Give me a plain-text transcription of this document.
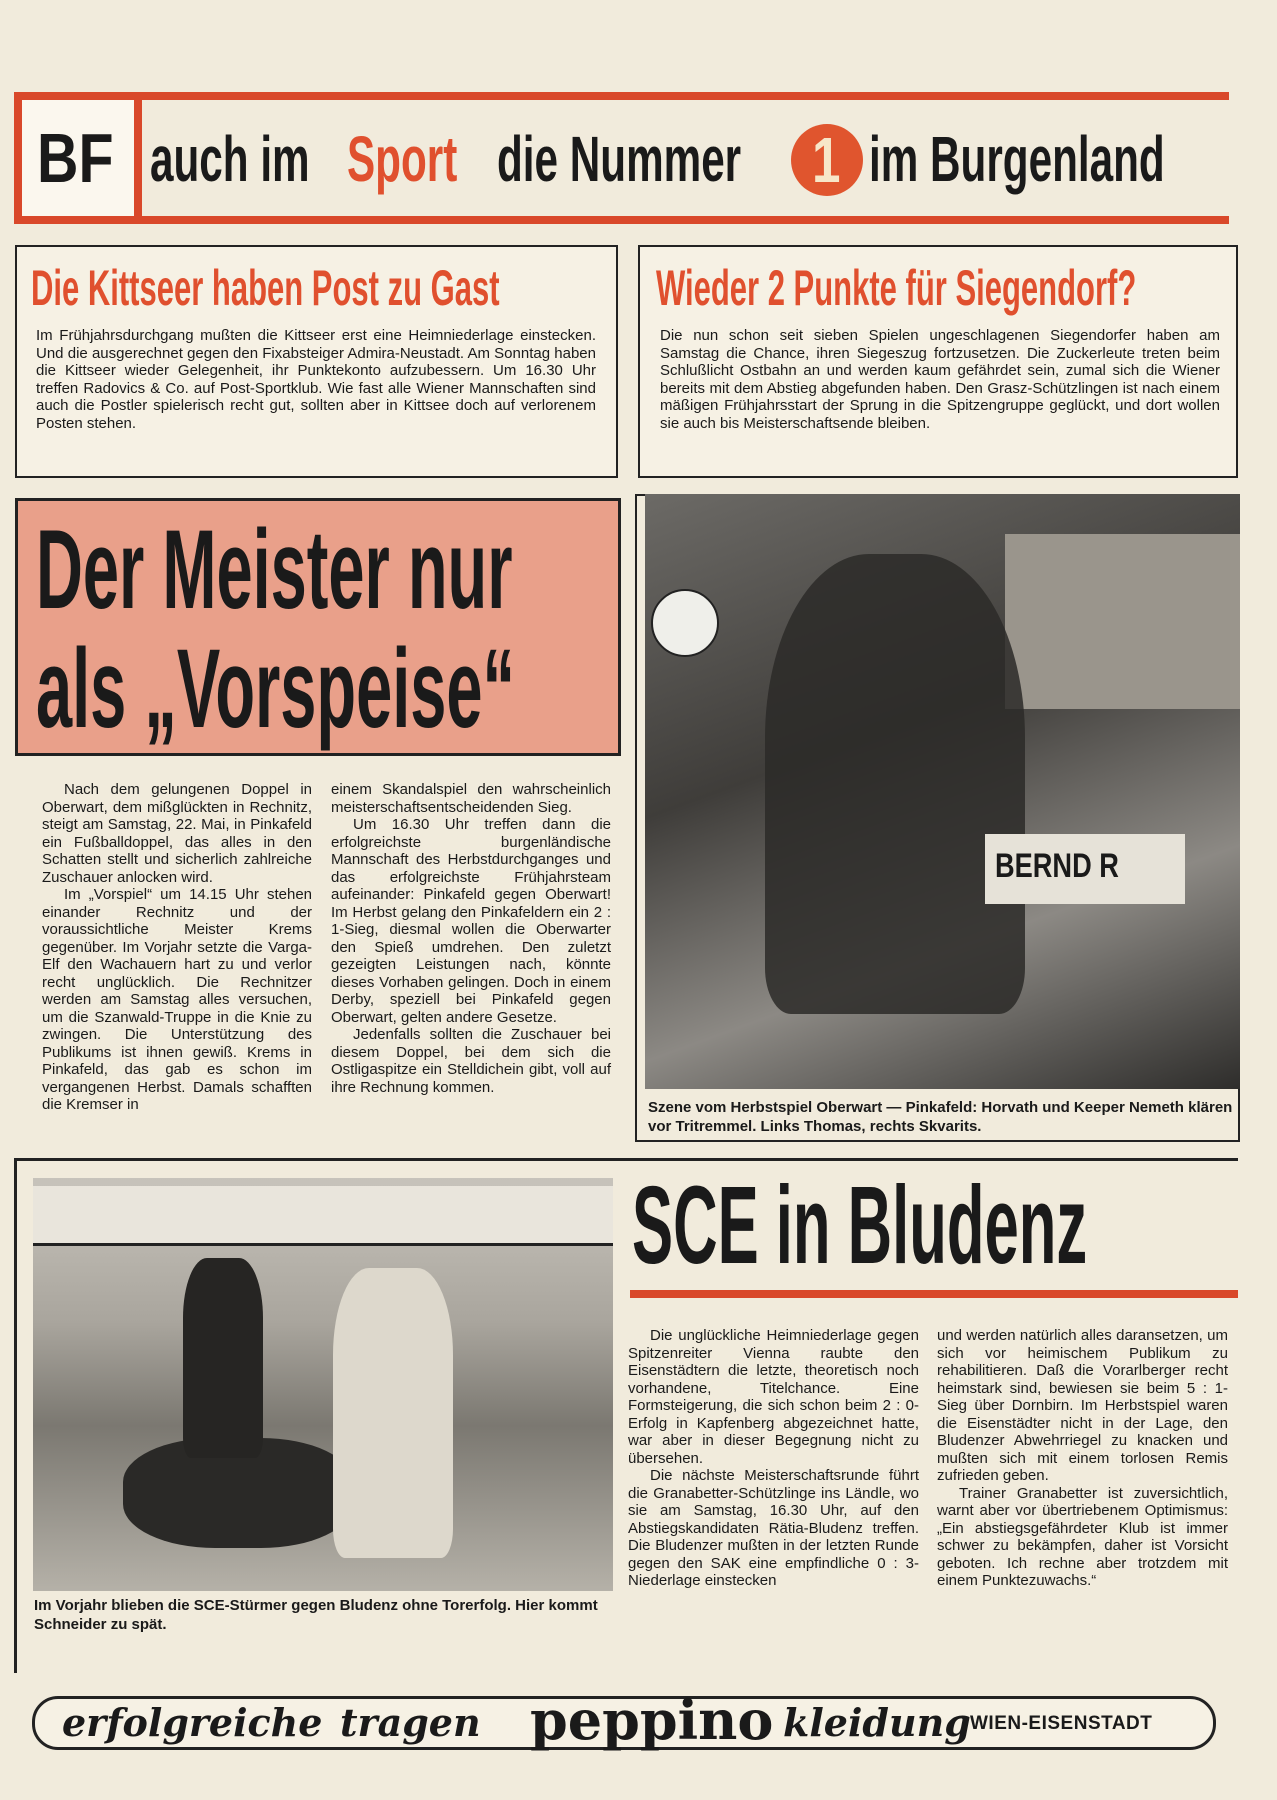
BF auch im Sport die Nummer 1 im Burgenland
Die Kittseer haben Post zu Gast
Im Frühjahrsdurchgang mußten die Kittseer erst eine Heimniederlage einstecken. Und die ausgerechnet gegen den Fixabsteiger Admira-Neustadt. Am Sonntag haben die Kittseer wieder Gelegenheit, ihr Punktekonto aufzubessern. Um 16.30 Uhr treffen Radovics & Co. auf Post-Sportklub. Wie fast alle Wiener Mannschaften sind auch die Postler spielerisch recht gut, sollten aber in Kittsee doch auf verlorenem Posten stehen.
Wieder 2 Punkte für Siegendorf?
Die nun schon seit sieben Spielen ungeschlagenen Siegendorfer haben am Samstag die Chance, ihren Siegeszug fortzusetzen. Die Zuckerleute treten beim Schlußlicht Ostbahn an und werden kaum gefährdet sein, zumal sich die Wiener bereits mit dem Abstieg abgefunden haben. Den Grasz-Schützlingen ist nach einem mäßigen Frühjahrsstart der Sprung in die Spitzengruppe geglückt, und dort wollen sie auch bis Meisterschaftsende bleiben.
Der Meister nur
als „Vorspeise“

Nach dem gelungenen Doppel in Oberwart, dem mißglückten in Rechnitz, steigt am Samstag, 22. Mai, in Pinkafeld ein Fußballdoppel, das alles in den Schatten stellt und sicherlich zahlreiche Zuschauer anlocken wird.

Im „Vorspiel“ um 14.15 Uhr stehen einander Rechnitz und der voraussichtliche Meister Krems gegenüber. Im Vorjahr setzte die Varga-Elf den Wachauern hart zu und verlor recht unglücklich. Die Rechnitzer werden am Samstag alles versuchen, um die Szanwald-Truppe in die Knie zu zwingen. Die Unterstützung des Publikums ist ihnen gewiß. Krems in Pinkafeld, das gab es schon im vergangenen Herbst. Damals schafften die Kremser in

einem Skandalspiel den wahrscheinlich meisterschaftsentscheidenden Sieg.

Um 16.30 Uhr treffen dann die erfolgreichste burgenländische Mannschaft des Herbstdurchganges und das erfolgreichste Frühjahrsteam aufeinander: Pinkafeld gegen Oberwart! Im Herbst gelang den Pinkafeldern ein 2 : 1-Sieg, diesmal wollen die Oberwarter den Spieß umdrehen. Den zuletzt gezeigten Leistungen nach, könnte dieses Vorhaben gelingen. Doch in einem Derby, speziell bei Pinkafeld gegen Oberwart, gelten andere Gesetze.

Jedenfalls sollten die Zuschauer bei diesem Doppel, bei dem sich die Ostligaspitze ein Stelldichein gibt, voll auf ihre Rechnung kommen.

BERND R
Szene vom Herbstspiel Oberwart — Pinkafeld: Horvath und Keeper Nemeth klären vor Tritremmel. Links Thomas, rechts Skvarits.
Im Vorjahr blieben die SCE-Stürmer gegen Bludenz ohne Torerfolg. Hier kommt Schneider zu spät.
SCE in Bludenz

Die unglückliche Heimniederlage gegen Spitzenreiter Vienna raubte den Eisenstädtern die letzte, theoretisch noch vorhandene, Titelchance. Eine Formsteigerung, die sich schon beim 2 : 0-Erfolg in Kapfenberg abgezeichnet hatte, war aber in dieser Begegnung nicht zu übersehen.

Die nächste Meisterschaftsrunde führt die Granabetter-Schützlinge ins Ländle, wo sie am Samstag, 16.30 Uhr, auf den Abstiegskandidaten Rätia-Bludenz treffen. Die Bludenzer mußten in der letzten Runde gegen den SAK eine empfindliche 0 : 3-Niederlage einstecken

und werden natürlich alles daransetzen, um sich vor heimischem Publikum zu rehabilitieren. Daß die Vorarlberger recht heimstark sind, bewiesen sie beim 5 : 1-Sieg über Dornbirn. Im Herbstspiel waren die Eisenstädter nicht in der Lage, den Bludenzer Abwehrriegel zu knacken und mußten sich mit einem torlosen Remis zufrieden geben.

Trainer Granabetter ist zuversichtlich, warnt aber vor übertriebenem Optimismus: „Ein abstiegsgefährdeter Klub ist immer schwer zu bekämpfen, daher ist Vorsicht geboten. Ich rechne aber trotzdem mit einem Punktezuwachs.“

erfolgreiche tragen peppino kleidung WIEN-EISENSTADT
